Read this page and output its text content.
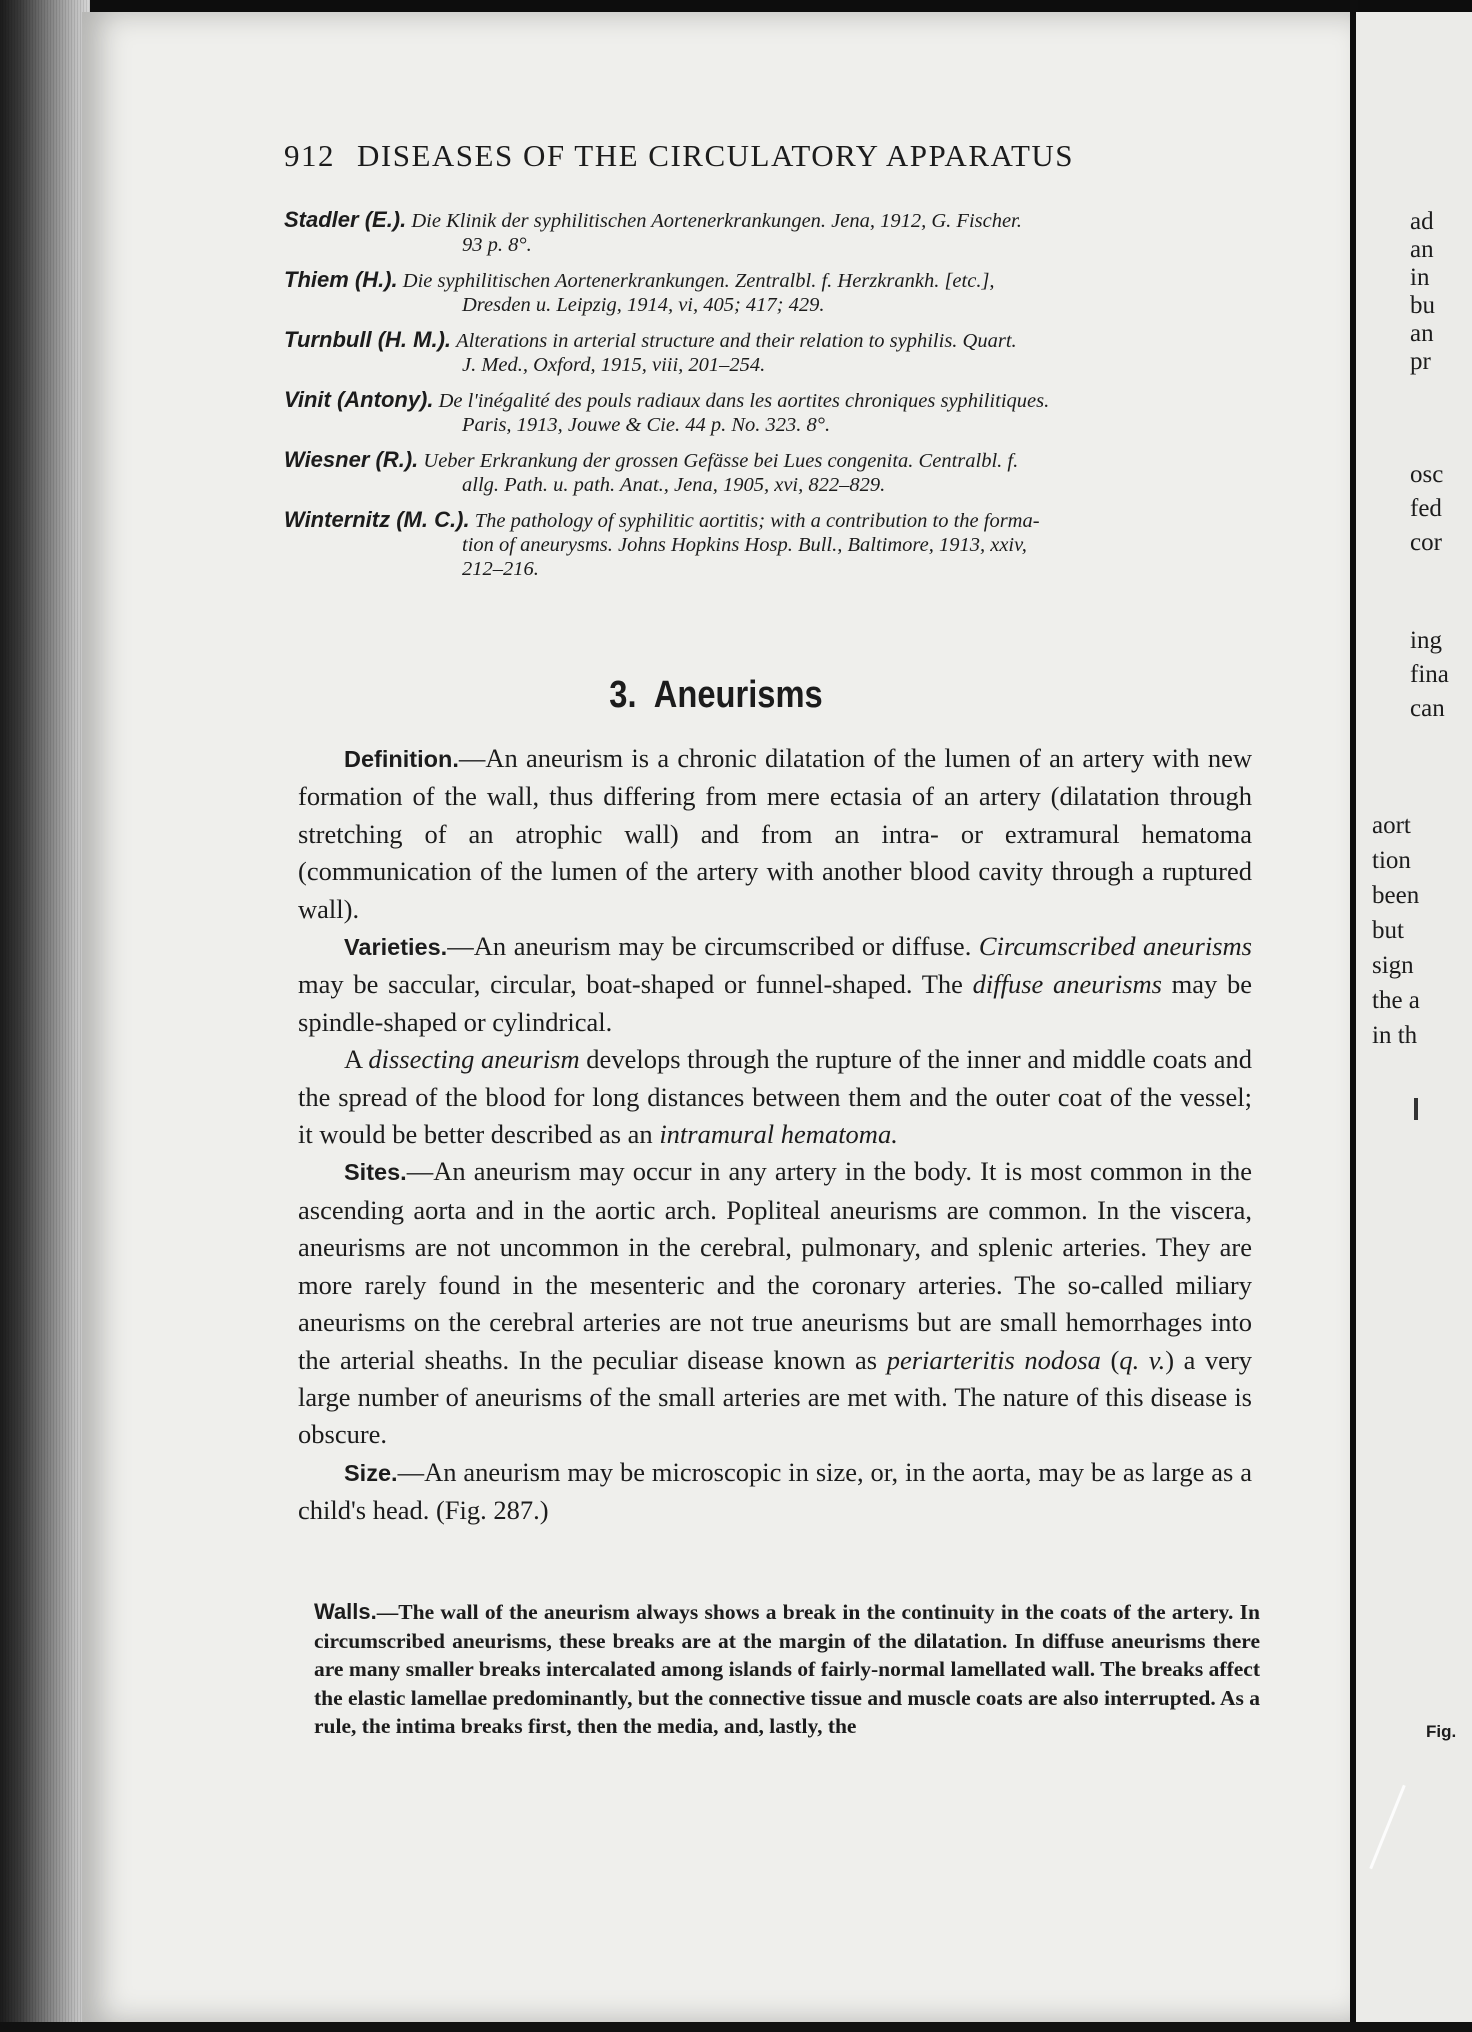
912 DISEASES OF THE CIRCULATORY APPARATUS
Stadler (E.). Die Klinik der syphilitischen Aortenerkrankungen. Jena, 1912, G. Fischer.
93 p. 8°.
Thiem (H.). Die syphilitischen Aortenerkrankungen. Zentralbl. f. Herzkrankh. [etc.],
Dresden u. Leipzig, 1914, vi, 405; 417; 429.
Turnbull (H. M.). Alterations in arterial structure and their relation to syphilis. Quart.
J. Med., Oxford, 1915, viii, 201–254.
Vinit (Antony). De l'inégalité des pouls radiaux dans les aortites chroniques syphilitiques.
Paris, 1913, Jouwe & Cie. 44 p. No. 323. 8°.
Wiesner (R.). Ueber Erkrankung der grossen Gefässe bei Lues congenita. Centralbl. f.
allg. Path. u. path. Anat., Jena, 1905, xvi, 822–829.
Winternitz (M. C.). The pathology of syphilitic aortitis; with a contribution to the forma-
tion of aneurysms. Johns Hopkins Hosp. Bull., Baltimore, 1913, xxiv,
212–216.
3. Aneurisms

Definition.—An aneurism is a chronic dilatation of the lumen of an artery with new formation of the wall, thus differing from mere ectasia of an artery (dilatation through stretching of an atrophic wall) and from an intra- or extramural hematoma (communication of the lumen of the artery with another blood cavity through a ruptured wall).

Varieties.—An aneurism may be circumscribed or diffuse. Circumscribed aneurisms may be saccular, circular, boat-shaped or funnel-shaped. The diffuse aneurisms may be spindle-shaped or cylindrical.

A dissecting aneurism develops through the rupture of the inner and middle coats and the spread of the blood for long distances between them and the outer coat of the vessel; it would be better described as an intramural hematoma.

Sites.—An aneurism may occur in any artery in the body. It is most common in the ascending aorta and in the aortic arch. Popliteal aneurisms are common. In the viscera, aneurisms are not uncommon in the cerebral, pulmonary, and splenic arteries. They are more rarely found in the mesenteric and the coronary arteries. The so-called miliary aneurisms on the cerebral arteries are not true aneurisms but are small hemorrhages into the arterial sheaths. In the peculiar disease known as periarteritis nodosa (q. v.) a very large number of aneurisms of the small arteries are met with. The nature of this disease is obscure.

Size.—An aneurism may be microscopic in size, or, in the aorta, may be as large as a child's head. (Fig. 287.)

Walls.—The wall of the aneurism always shows a break in the continuity in the coats of the artery. In circumscribed aneurisms, these breaks are at the margin of the dilatation. In diffuse aneurisms there are many smaller breaks intercalated among islands of fairly-normal lamellated wall. The breaks affect the elastic lamellae predominantly, but the connective tissue and muscle coats are also interrupted. As a rule, the intima breaks first, then the media, and, lastly, the
ad
an
in
bu
an
pr
osc
fed
cor
ing
fina
can
aort
tion
been
but
sign
the a
in th
Fig.
